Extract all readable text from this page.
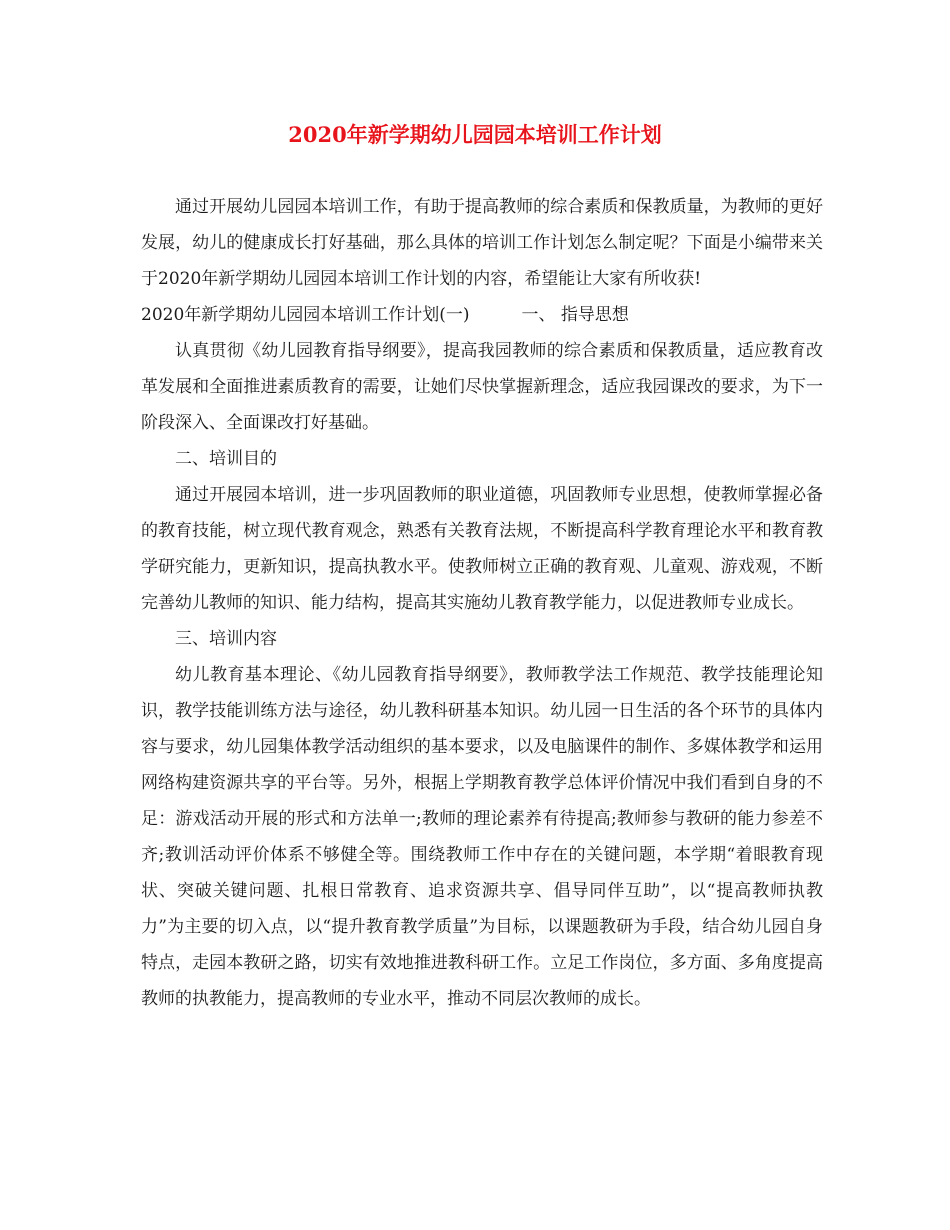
2020年新学期幼儿园园本培训工作计划

通过开展幼儿园园本培训工作，有助于提高教师的综合素质和保教质量，为教师的更好发展，幼儿的健康成长打好基础，那么具体的培训工作计划怎么制定呢？下面是小编带来关于2020年新学期幼儿园园本培训工作计划的内容，希望能让大家有所收获!

2020年新学期幼儿园园本培训工作计划(一)	一、 指导思想

认真贯彻《幼儿园教育指导纲要》，提高我园教师的综合素质和保教质量，适应教育改革发展和全面推进素质教育的需要，让她们尽快掌握新理念，适应我园课改的要求，为下一阶段深入、全面课改打好基础。

二、培训目的

通过开展园本培训，进一步巩固教师的职业道德，巩固教师专业思想，使教师掌握必备的教育技能，树立现代教育观念，熟悉有关教育法规，不断提高科学教育理论水平和教育教学研究能力，更新知识，提高执教水平。使教师树立正确的教育观、儿童观、游戏观，不断完善幼儿教师的知识、能力结构，提高其实施幼儿教育教学能力，以促进教师专业成长。

三、培训内容

幼儿教育基本理论、《幼儿园教育指导纲要》，教师教学法工作规范、教学技能理论知识，教学技能训练方法与途径，幼儿教科研基本知识。幼儿园一日生活的各个环节的具体内容与要求，幼儿园集体教学活动组织的基本要求，以及电脑课件的制作、多媒体教学和运用网络构建资源共享的平台等。另外，根据上学期教育教学总体评价情况中我们看到自身的不足：游戏活动开展的形式和方法单一;教师的理论素养有待提高;教师参与教研的能力参差不齐;教训活动评价体系不够健全等。围绕教师工作中存在的关键问题，本学期“着眼教育现状、突破关键问题、扎根日常教育、追求资源共享、倡导同伴互助”，以“提高教师执教力”为主要的切入点，以“提升教育教学质量”为目标，以课题教研为手段，结合幼儿园自身特点，走园本教研之路，切实有效地推进教科研工作。立足工作岗位，多方面、多角度提高教师的执教能力，提高教师的专业水平，推动不同层次教师的成长。
